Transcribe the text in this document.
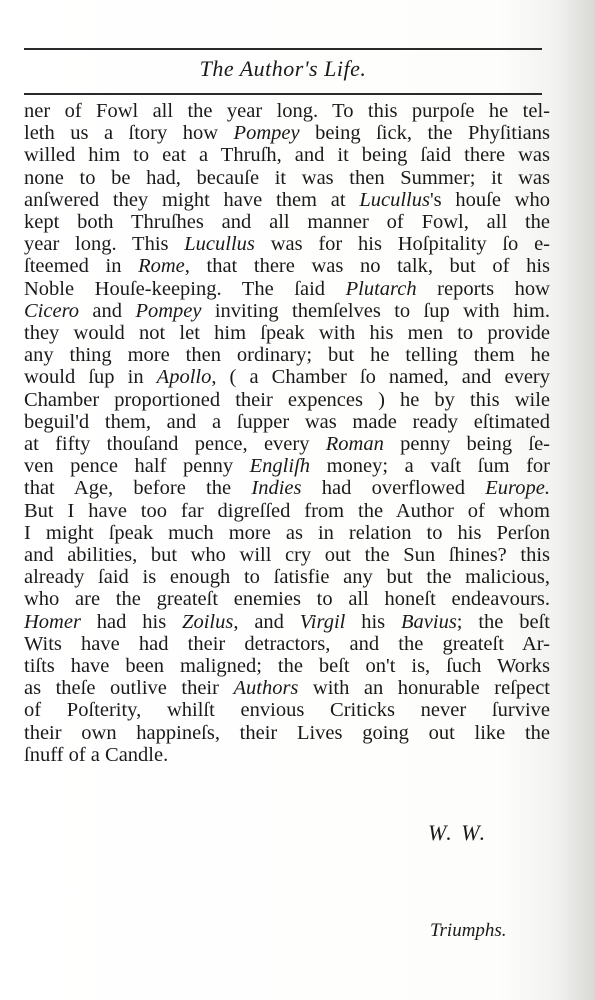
The Author's Life.
ner of Fowl all the year long. To this purpoſe he tel-
leth us a ſtory how Pompey being ſick, the Phyſitians
willed him to eat a Thruſh, and it being ſaid there was
none to be had, becauſe it was then Summer; it was
anſwered they might have them at Lucullus's houſe who
kept both Thruſhes and all manner of Fowl, all the
year long. This Lucullus was for his Hoſpitality ſo e-
ſteemed in Rome, that there was no talk, but of his
Noble Houſe-keeping. The ſaid Plutarch reports how
Cicero and Pompey inviting themſelves to ſup with him.
they would not let him ſpeak with his men to provide
any thing more then ordinary; but he telling them he
would ſup in Apollo, ( a Chamber ſo named, and every
Chamber proportioned their expences ) he by this wile
beguil'd them, and a ſupper was made ready eſtimated
at fifty thouſand pence, every Roman penny being ſe-
ven pence half penny Engliſh money; a vaſt ſum for
that Age, before the Indies had overflowed Europe.
But I have too far digreſſed from the Author of whom
I might ſpeak much more as in relation to his Perſon
and abilities, but who will cry out the Sun ſhines? this
already ſaid is enough to ſatisfie any but the malicious,
who are the greateſt enemies to all honeſt endeavours.
Homer had his Zoilus, and Virgil his Bavius; the beſt
Wits have had their detractors, and the greateſt Ar-
tiſts have been maligned; the beſt on't is, ſuch Works
as theſe outlive their Authors with an honurable reſpect
of Poſterity, whilſt envious Criticks never ſurvive
their own happineſs, their Lives going out like the
ſnuff of a Candle.
W. W.
Triumphs.
